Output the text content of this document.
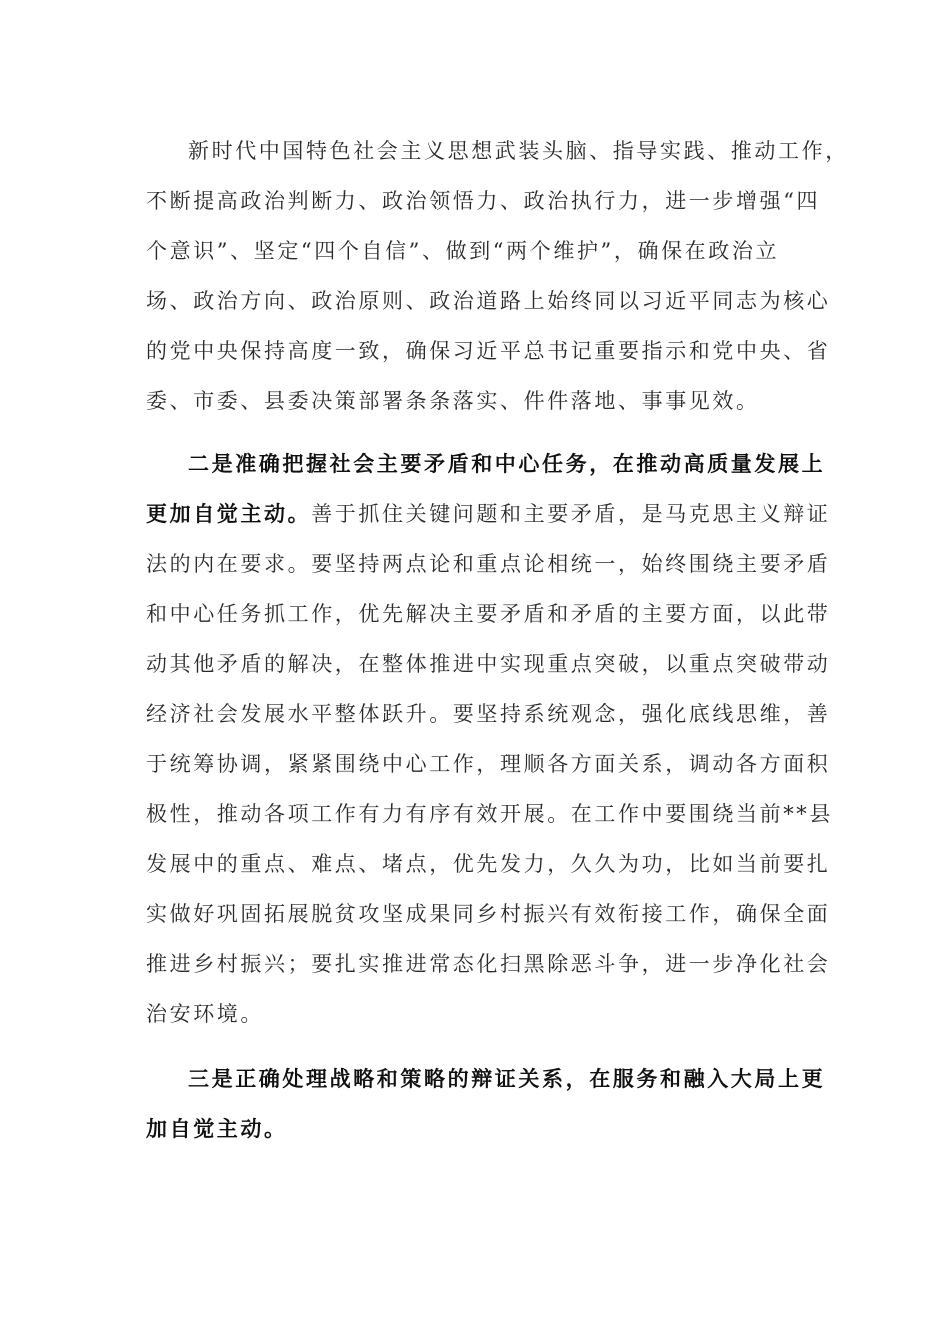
新时代中国特色社会主义思想武装头脑、指导实践、推动工作，
不断提高政治判断力、政治领悟力、政治执行力，进一步增强“四
个意识”、坚定“四个自信”、做到“两个维护”，确保在政治立
场、政治方向、政治原则、政治道路上始终同以习近平同志为核心
的党中央保持高度一致，确保习近平总书记重要指示和党中央、省
委、市委、县委决策部署条条落实、件件落地、事事见效。
二是准确把握社会主要矛盾和中心任务，在推动高质量发展上
更加自觉主动。善于抓住关键问题和主要矛盾，是马克思主义辩证
法的内在要求。要坚持两点论和重点论相统一，始终围绕主要矛盾
和中心任务抓工作，优先解决主要矛盾和矛盾的主要方面，以此带
动其他矛盾的解决，在整体推进中实现重点突破，以重点突破带动
经济社会发展水平整体跃升。要坚持系统观念，强化底线思维，善
于统筹协调，紧紧围绕中心工作，理顺各方面关系，调动各方面积
极性，推动各项工作有力有序有效开展。在工作中要围绕当前**县
发展中的重点、难点、堵点，优先发力，久久为功，比如当前要扎
实做好巩固拓展脱贫攻坚成果同乡村振兴有效衔接工作，确保全面
推进乡村振兴；要扎实推进常态化扫黑除恶斗争，进一步净化社会
治安环境。
三是正确处理战略和策略的辩证关系，在服务和融入大局上更
加自觉主动。
